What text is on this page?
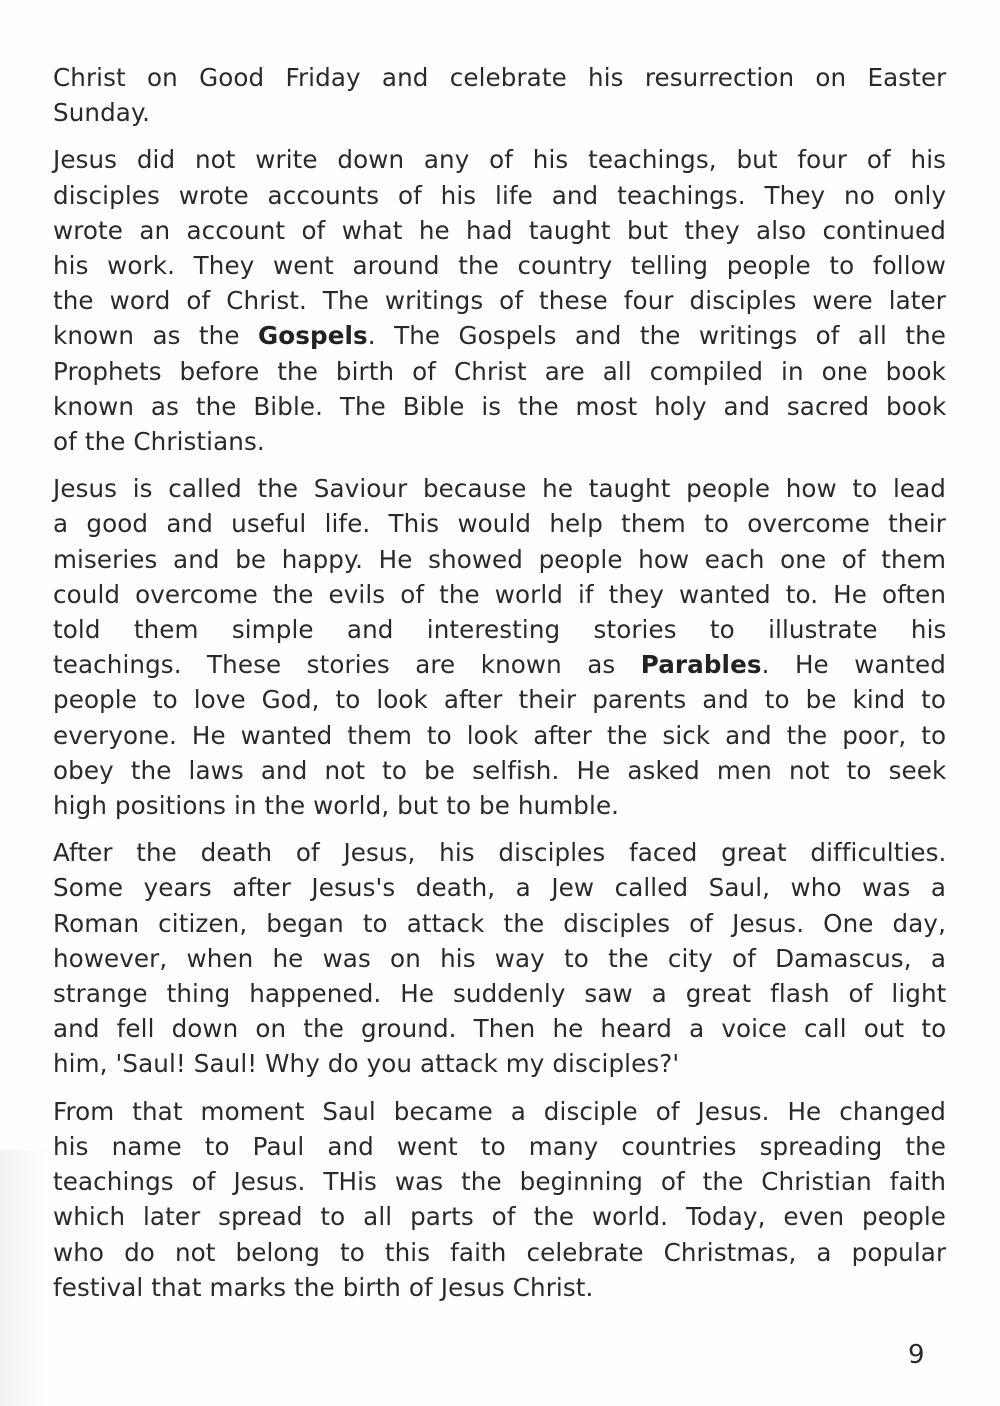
Christ on Good Friday and celebrate his resurrection on Easter
Sunday.
Jesus did not write down any of his teachings, but four of his
disciples wrote accounts of his life and teachings. They no only
wrote an account of what he had taught but they also continued
his work. They went around the country telling people to follow
the word of Christ. The writings of these four disciples were later
known as the Gospels. The Gospels and the writings of all the
Prophets before the birth of Christ are all compiled in one book
known as the Bible. The Bible is the most holy and sacred book
of the Christians.
Jesus is called the Saviour because he taught people how to lead
a good and useful life. This would help them to overcome their
miseries and be happy. He showed people how each one of them
could overcome the evils of the world if they wanted to. He often
told them simple and interesting stories to illustrate his
teachings. These stories are known as Parables. He wanted
people to love God, to look after their parents and to be kind to
everyone. He wanted them to look after the sick and the poor, to
obey the laws and not to be selfish. He asked men not to seek
high positions in the world, but to be humble.
After the death of Jesus, his disciples faced great difficulties.
Some years after Jesus's death, a Jew called Saul, who was a
Roman citizen, began to attack the disciples of Jesus. One day,
however, when he was on his way to the city of Damascus, a
strange thing happened. He suddenly saw a great flash of light
and fell down on the ground. Then he heard a voice call out to
him, 'Saul! Saul! Why do you attack my disciples?'
From that moment Saul became a disciple of Jesus. He changed
his name to Paul and went to many countries spreading the
teachings of Jesus. THis was the beginning of the Christian faith
which later spread to all parts of the world. Today, even people
who do not belong to this faith celebrate Christmas, a popular
festival that marks the birth of Jesus Christ.
9
